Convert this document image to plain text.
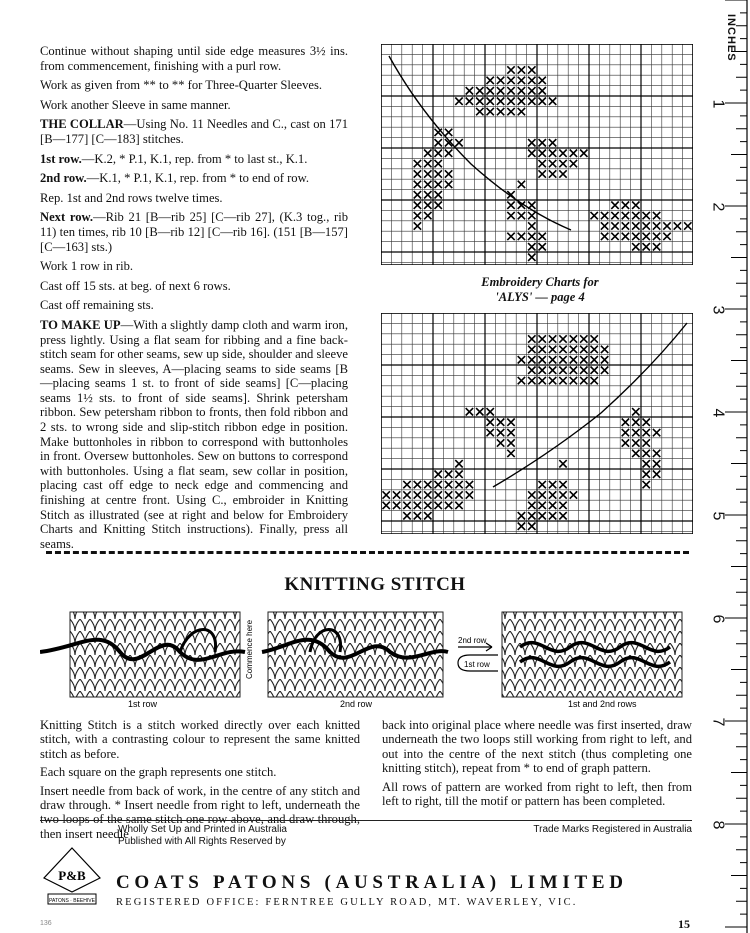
Continue without shaping until side edge measures 3½ ins. from commencement, finishing with a purl row.

Work as given from ** to ** for Three-Quarter Sleeves.

Work another Sleeve in same manner.

THE COLLAR—Using No. 11 Needles and C., cast on 171 [B—177] [C—183] stitches.

1st row.—K.2, * P.1, K.1, rep. from * to last st., K.1.

2nd row.—K.1, * P.1, K.1, rep. from * to end of row.

Rep. 1st and 2nd rows twelve times.

Next row.—Rib 21 [B—rib 25] [C—rib 27], (K.3 tog., rib 11) ten times, rib 10 [B—rib 12] [C—rib 16]. (151 [B—157] [C—163] sts.)

Work 1 row in rib.

Cast off 15 sts. at beg. of next 6 rows.

Cast off remaining sts.

TO MAKE UP—With a slightly damp cloth and warm iron, press lightly. Using a flat seam for ribbing and a fine back-stitch seam for other seams, sew up side, shoulder and sleeve seams. Sew in sleeves, A—placing seams to side seams [B—placing seams 1 st. to front of side seams] [C—placing seams 1½ sts. to front of side seams]. Shrink petersham ribbon. Sew petersham ribbon to fronts, then fold ribbon and 2 sts. to wrong side and slip-stitch ribbon edge in position. Make buttonholes in ribbon to correspond with buttonholes in front. Oversew buttonholes. Sew on buttons to correspond with buttonholes. Using a flat seam, sew collar in position, placing cast off edge to neck edge and commencing and finishing at centre front. Using C., embroider in Knitting Stitch as illustrated (see at right and below for Embroidery Charts and Knitting Stitch instructions). Finally, press all seams.

Embroidery Charts for
'ALYS' — page 4
KNITTING STITCH
1st row
Commence here
2nd row
2nd row
1st row
1st and 2nd rows

Knitting Stitch is a stitch worked directly over each knitted stitch, with a contrasting colour to represent the same knitted stitch as before.

Each square on the graph represents one stitch.

Insert needle from back of work, in the centre of any stitch and draw through. * Insert needle from right to left, underneath the two loops of the same stitch one row above, and draw through, then insert needle

back into original place where needle was first inserted, draw underneath the two loops still working from right to left, and out into the centre of the next stitch (thus completing one knitting stitch), repeat from * to end of graph pattern.

All rows of pattern are worked from right to left, then from left to right, till the motif or pattern has been completed.

Wholly Set Up and Printed in Australia
Published with All Rights Reserved by
Trade Marks Registered in Australia
P&B
PATONS · BEEHIVE
COATS PATONS (AUSTRALIA) LIMITED
REGISTERED OFFICE: FERNTREE GULLY ROAD, MT. WAVERLEY, VIC.
136	15
INCHES
1
2
3
4
5
6
7
8
